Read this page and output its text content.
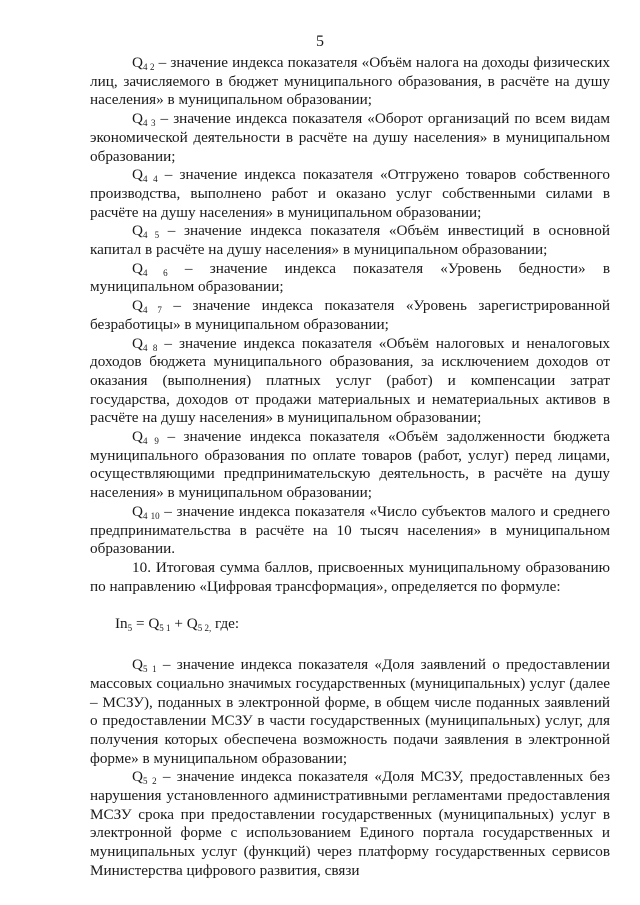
5

$Q_{4 2}$ – значение индекса показателя «Объём налога на доходы физических лиц, зачисляемого в бюджет муниципального образования, в расчёте на душу населения» в муниципальном образовании;

$Q_{4 3}$ – значение индекса показателя «Оборот организаций по всем видам экономической деятельности в расчёте на душу населения» в муниципальном образовании;

$Q_{4 4}$ – значение индекса показателя «Отгружено товаров собственного производства, выполнено работ и оказано услуг собственными силами в расчёте на душу населения» в муниципальном образовании;

$Q_{4 5}$ – значение индекса показателя «Объём инвестиций в основной капитал в расчёте на душу населения» в муниципальном образовании;

$Q_{4 6}$ – значение индекса показателя «Уровень бедности» в муниципальном образовании;

$Q_{4 7}$ – значение индекса показателя «Уровень зарегистрированной безработицы» в муниципальном образовании;

$Q_{4 8}$ – значение индекса показателя «Объём налоговых и неналоговых доходов бюджета муниципального образования, за исключением доходов от оказания (выполнения) платных услуг (работ) и компенсации затрат государства, доходов от продажи материальных и нематериальных активов в расчёте на душу населения» в муниципальном образовании;

$Q_{4 9}$ – значение индекса показателя «Объём задолженности бюджета муниципального образования по оплате товаров (работ, услуг) перед лицами, осуществляющими предпринимательскую деятельность, в расчёте на душу населения» в муниципальном образовании;

$Q_{4 10}$ – значение индекса показателя «Число субъектов малого и среднего предпринимательства в расчёте на 10 тысяч населения» в муниципальном образовании.

10. Итоговая сумма баллов, присвоенных муниципальному образованию по направлению «Цифровая трансформация», определяется по формуле:

$In_5 = Q_{5 1} + Q_{5 2,}$ где:

$Q_{5 1}$ – значение индекса показателя «Доля заявлений о предоставлении массовых социально значимых государственных (муниципальных) услуг (далее – МСЗУ), поданных в электронной форме, в общем числе поданных заявлений о предоставлении МСЗУ в части государственных (муниципальных) услуг, для получения которых обеспечена возможность подачи заявления в электронной форме» в муниципальном образовании;

$Q_{5 2}$ – значение индекса показателя «Доля МСЗУ, предоставленных без нарушения установленного административными регламентами предоставления МСЗУ срока при предоставлении государственных (муниципальных) услуг в электронной форме с использованием Единого портала государственных и муниципальных услуг (функций) через платформу государственных сервисов Министерства цифрового развития, связи
